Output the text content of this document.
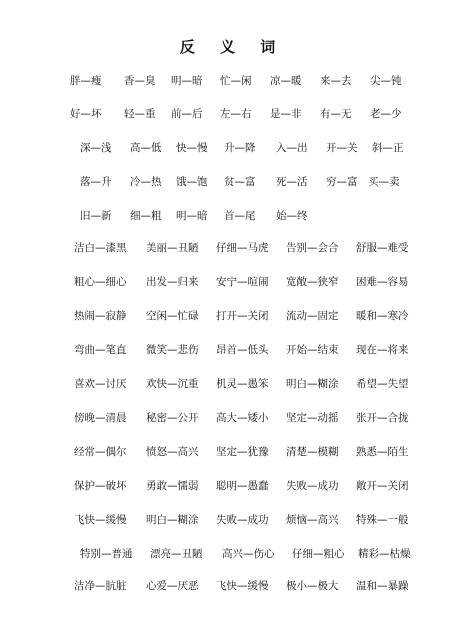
反 义 词
胖—瘦 香—臭 明—暗 忙—闲 凉—暖 来—去 尖—钝
好—坏 轻—重 前—后 左—右 是—非 有—无 老—少
深—浅 高—低 快—慢 升—降 入—出 开—关 斜—正
落—升 冷—热 饿—饱 贫—富 死—活 穷—富 买—卖
旧—新 细—粗 明—暗 首—尾 始—终
洁白—漆黑 美丽—丑陋 仔细—马虎 告别—会合 舒服—难受
粗心—细心 出发—归来 安宁—喧闹 宽敞—狭窄 困难—容易
热闹—寂静 空闲—忙碌 打开—关闭 流动—固定 暖和—寒冷
弯曲—笔直 微笑—悲伤 昂首—低头 开始—结束 现在—将来
喜欢—讨厌 欢快—沉重 机灵—愚笨 明白—糊涂 希望—失望
傍晚—清晨 秘密—公开 高大—矮小 坚定—动摇 张开—合拢
经常—偶尔 愤怒—高兴 坚定—犹豫 清楚—模糊 熟悉—陌生
保护—破坏 勇敢—懦弱 聪明—愚蠢 失败—成功 敞开—关闭
飞快—缓慢 明白—糊涂 失败—成功 烦恼—高兴 特殊—一般
特别—普通 漂亮—丑陋 高兴—伤心 仔细—粗心 精彩—枯燥
洁净—肮脏 心爱—厌恶 飞快—缓慢 极小—极大 温和—暴躁
